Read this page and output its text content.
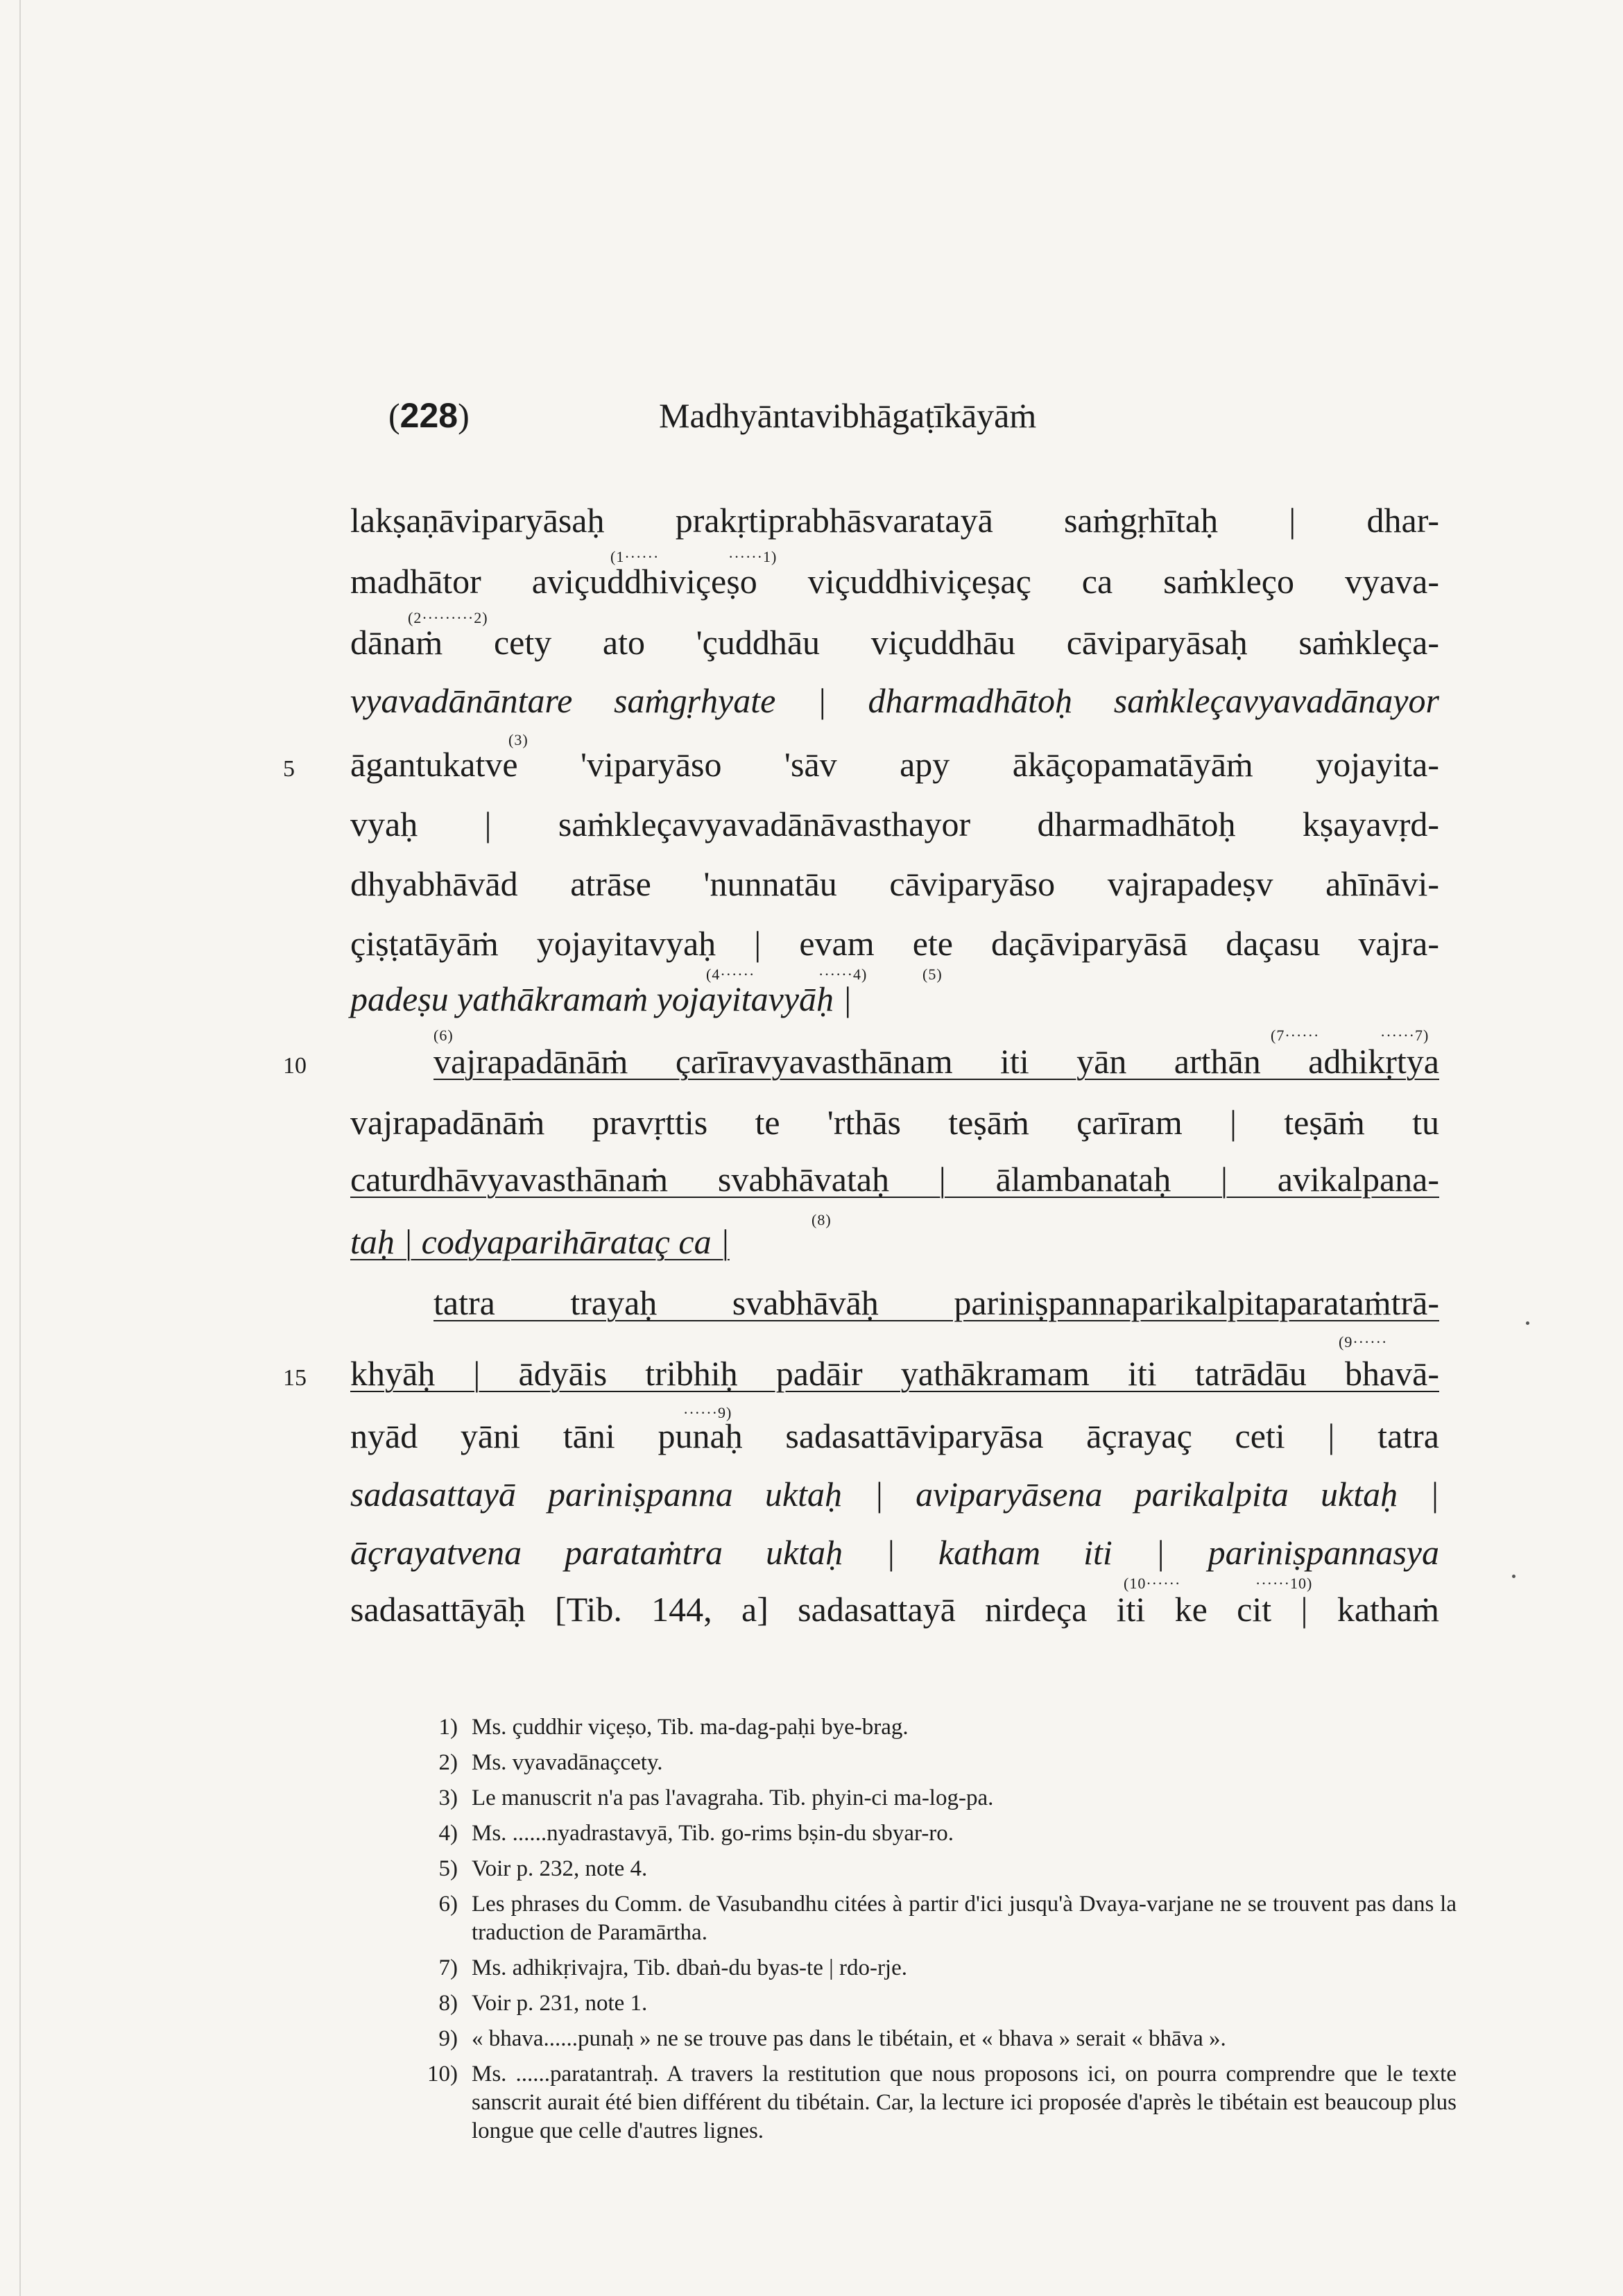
(228)	Madhyāntavibhāgaṭīkāyāṁ
lakṣaṇāviparyāsaḥ prakṛtiprabhāsvaratayā saṁgṛhītaḥ | dhar-
madhātor aviçuddhiviçeṣo viçuddhiviçeṣaç ca saṁkleço vyava-
dānaṁ cety ato 'çuddhāu viçuddhāu cāviparyāsaḥ saṁkleça-
vyavadānāntare saṁgṛhyate | dharmadhātoḥ saṁkleçavyavadānayor
āgantukatve 'viparyāso 'sāv apy ākāçopamatāyāṁ yojayita-
vyaḥ | saṁkleçavyavadānāvasthayor dharmadhātoḥ kṣayavṛd-
dhyabhāvād atrāse 'nunnatāu cāviparyāso vajrapadeṣv ahīnāvi-
çiṣṭatāyāṁ yojayitavyaḥ | evam ete daçāviparyāsā daçasu vajra-
padeṣu yathākramaṁ yojayitavyāḥ |
vajrapadānāṁ çarīravyavasthānam iti yān arthān adhikṛtya
vajrapadānāṁ pravṛttis te 'rthās teṣāṁ çarīram | teṣāṁ tu
caturdhāvyavasthānaṁ svabhāvataḥ | ālambanataḥ | avikalpana-
taḥ | codyaparihārataç ca |
tatra trayaḥ svabhāvāḥ pariniṣpannaparikalpitaparataṁtrā-
khyāḥ | ādyāis tribhiḥ padāir yathākramam iti tatrādāu bhavā-
nyād yāni tāni punaḥ sadasattāviparyāsa āçrayaç ceti | tatra
sadasattayā pariniṣpanna uktaḥ | aviparyāsena parikalpita uktaḥ |
āçrayatvena parataṁtra uktaḥ | katham iti | pariniṣpannasya
sadasattāyāḥ [Tib. 144, a] sadasattayā nirdeça iti ke cit | kathaṁ
5
10
15
(1······	······1)
(2·········2)
(3)
(4······	······4)	(5)
(6)	(7······	······7)
(8)
(9······
······9)
(10······	······10)
1) Ms. çuddhir viçeṣo, Tib. ma-dag-paḥi bye-brag.
2) Ms. vyavadānaçcety.
3) Le manuscrit n'a pas l'avagraha. Tib. phyin-ci ma-log-pa.
4) Ms. ......nyadrastavyā, Tib. go-rims bṣin-du sbyar-ro.
5) Voir p. 232, note 4.
6) Les phrases du Comm. de Vasubandhu citées à partir d'ici jusqu'à Dvaya-varjane ne se trouvent pas dans la traduction de Paramārtha.
7) Ms. adhikṛivajra, Tib. dbaṅ-du byas-te | rdo-rje.
8) Voir p. 231, note 1.
9) « bhava......punaḥ » ne se trouve pas dans le tibétain, et « bhava » serait « bhāva ».
10) Ms. ......paratantraḥ. A travers la restitution que nous proposons ici, on pourra comprendre que le texte sanscrit aurait été bien différent du tibétain. Car, la lecture ici proposée d'après le tibétain est beaucoup plus longue que celle d'autres lignes.
